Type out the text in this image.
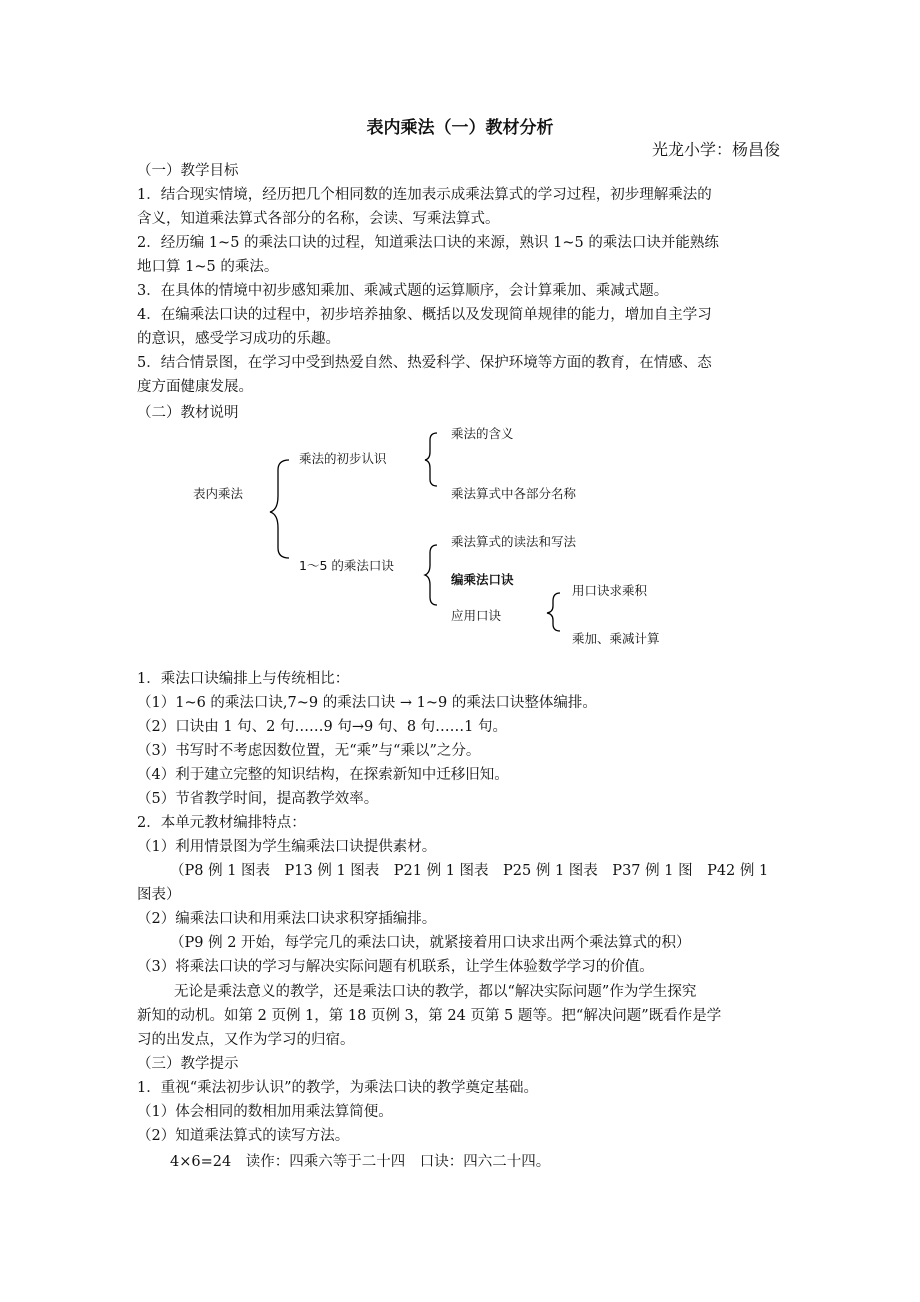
表内乘法（一）教材分析
光龙小学：杨昌俊
（一）教学目标
1．结合现实情境，经历把几个相同数的连加表示成乘法算式的学习过程，初步理解乘法的
含义，知道乘法算式各部分的名称，会读、写乘法算式。
2．经历编 1~5 的乘法口诀的过程，知道乘法口诀的来源，熟识 1~5 的乘法口诀并能熟练
地口算 1~5 的乘法。
3．在具体的情境中初步感知乘加、乘减式题的运算顺序，会计算乘加、乘减式题。
4．在编乘法口诀的过程中，初步培养抽象、概括以及发现简单规律的能力，增加自主学习
的意识，感受学习成功的乐趣。
5．结合情景图，在学习中受到热爱自然、热爱科学、保护环境等方面的教育，在情感、态
度方面健康发展。
（二）教材说明
表内乘法
乘法的初步认识
乘法的含义
乘法算式中各部分名称
1～5 的乘法口诀
乘法算式的读法和写法
编乘法口诀
应用口诀
用口诀求乘积
乘加、乘减计算
1．乘法口诀编排上与传统相比：
（1）1~6 的乘法口诀,7~9 的乘法口诀 → 1~9 的乘法口诀整体编排。
（2）口诀由 1 句、2 句……9 句→9 句、8 句……1 句。
（3）书写时不考虑因数位置，无“乘”与“乘以”之分。
（4）利于建立完整的知识结构，在探索新知中迁移旧知。
（5）节省教学时间，提高教学效率。
2．本单元教材编排特点：
（1）利用情景图为学生编乘法口诀提供素材。
（P8 例 1 图表　P13 例 1 图表　P21 例 1 图表　P25 例 1 图表　P37 例 1 图　P42 例 1
图表）
（2）编乘法口诀和用乘法口诀求积穿插编排。
（P9 例 2 开始，每学完几的乘法口诀，就紧接着用口诀求出两个乘法算式的积）
（3）将乘法口诀的学习与解决实际问题有机联系，让学生体验数学学习的价值。
无论是乘法意义的教学，还是乘法口诀的教学，都以“解决实际问题”作为学生探究
新知的动机。如第 2 页例 1，第 18 页例 3，第 24 页第 5 题等。把“解决问题”既看作是学
习的出发点，又作为学习的归宿。
（三）教学提示
1．重视“乘法初步认识”的教学，为乘法口诀的教学奠定基础。
（1）体会相同的数相加用乘法算简便。
（2）知道乘法算式的读写方法。
4×6=24　读作：四乘六等于二十四　口诀：四六二十四。
